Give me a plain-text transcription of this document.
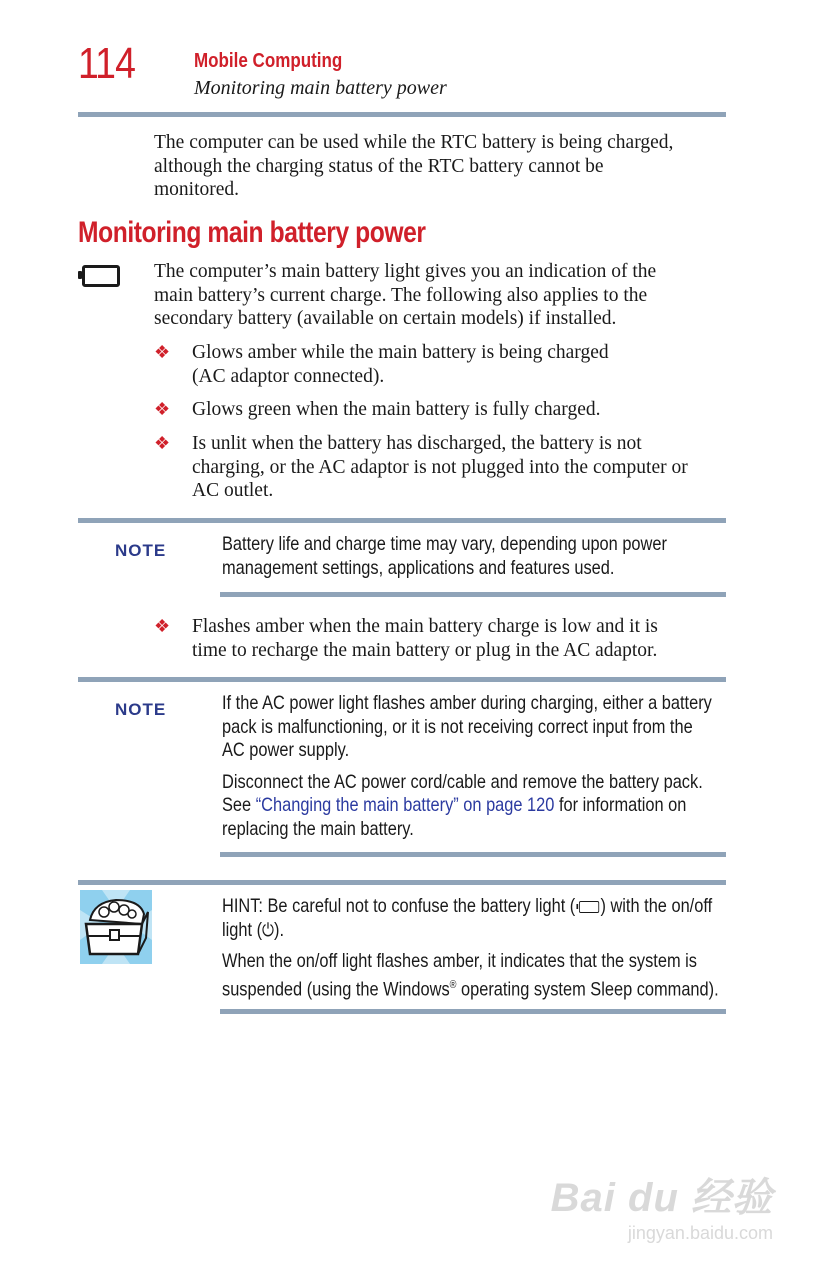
114	Mobile Computing
Monitoring main battery power
The computer can be used while the RTC battery is being charged,
although the charging status of the RTC battery cannot be
monitored.
Monitoring main battery power
The computer’s main battery light gives you an indication of the
main battery’s current charge. The following also applies to the
secondary battery (available on certain models) if installed.
❖	Glows amber while the main battery is being charged
(AC adaptor connected).
❖	Glows green when the main battery is fully charged.
❖	Is unlit when the battery has discharged, the battery is not
charging, or the AC adaptor is not plugged into the computer or
AC outlet.
NOTE	Battery life and charge time may vary, depending upon power
management settings, applications and features used.
❖	Flashes amber when the main battery charge is low and it is
time to recharge the main battery or plug in the AC adaptor.
NOTE	If the AC power light flashes amber during charging, either a battery
pack is malfunctioning, or it is not receiving correct input from the
AC power supply.

Disconnect the AC power cord/cable and remove the battery pack.
See “Changing the main battery” on page 120 for information on
replacing the main battery.

HINT: Be careful not to confuse the battery light ( ) with the on/off
light (⏻).

When the on/off light flashes amber, it indicates that the system is
suspended (using the Windows® operating system Sleep command).

Bai du 经验
jingyan.baidu.com
